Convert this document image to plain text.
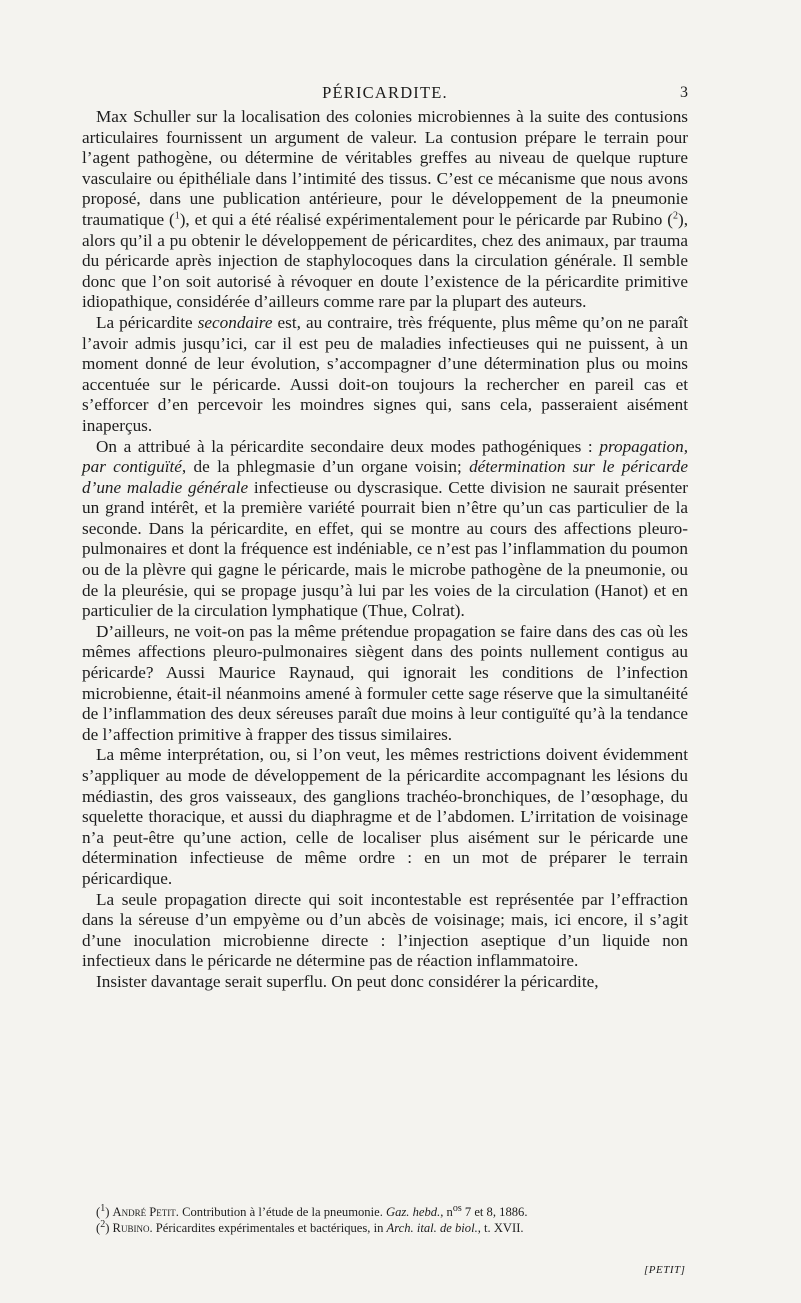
PÉRICARDITE.	3

Max Schuller sur la localisation des colonies microbiennes à la suite des contusions articulaires fournissent un argument de valeur. La contusion prépare le terrain pour l’agent pathogène, ou détermine de véritables greffes au niveau de quelque rupture vasculaire ou épithéliale dans l’intimité des tissus. C’est ce mécanisme que nous avons proposé, dans une publication antérieure, pour le développement de la pneumonie traumatique ($^1$), et qui a été réalisé expérimentalement pour le péricarde par Rubino ($^2$), alors qu’il a pu obtenir le développement de péricardites, chez des animaux, par trauma du péricarde après injection de staphylocoques dans la circulation générale. Il semble donc que l’on soit autorisé à révoquer en doute l’existence de la péricardite primitive idiopathique, considérée d’ailleurs comme rare par la plupart des auteurs.

La péricardite secondaire est, au contraire, très fréquente, plus même qu’on ne paraît l’avoir admis jusqu’ici, car il est peu de maladies infectieuses qui ne puissent, à un moment donné de leur évolution, s’accompagner d’une détermination plus ou moins accentuée sur le péricarde. Aussi doit-on toujours la rechercher en pareil cas et s’efforcer d’en percevoir les moindres signes qui, sans cela, passeraient aisément inaperçus.

On a attribué à la péricardite secondaire deux modes pathogéniques : propagation, par contiguïté, de la phlegmasie d’un organe voisin; détermination sur le péricarde d’une maladie générale infectieuse ou dyscrasique. Cette division ne saurait présenter un grand intérêt, et la première variété pourrait bien n’être qu’un cas particulier de la seconde. Dans la péricardite, en effet, qui se montre au cours des affections pleuro-pulmonaires et dont la fréquence est indéniable, ce n’est pas l’inflammation du poumon ou de la plèvre qui gagne le péricarde, mais le microbe pathogène de la pneumonie, ou de la pleurésie, qui se propage jusqu’à lui par les voies de la circulation (Hanot) et en particulier de la circulation lymphatique (Thue, Colrat).

D’ailleurs, ne voit-on pas la même prétendue propagation se faire dans des cas où les mêmes affections pleuro-pulmonaires siègent dans des points nullement contigus au péricarde? Aussi Maurice Raynaud, qui ignorait les conditions de l’infection microbienne, était-il néanmoins amené à formuler cette sage réserve que la simultanéité de l’inflammation des deux séreuses paraît due moins à leur contiguïté qu’à la tendance de l’affection primitive à frapper des tissus similaires.

La même interprétation, ou, si l’on veut, les mêmes restrictions doivent évidemment s’appliquer au mode de développement de la péricardite accompagnant les lésions du médiastin, des gros vaisseaux, des ganglions trachéo-bronchiques, de l’œsophage, du squelette thoracique, et aussi du diaphragme et de l’abdomen. L’irritation de voisinage n’a peut-être qu’une action, celle de localiser plus aisément sur le péricarde une détermination infectieuse de même ordre : en un mot de préparer le terrain péricardique.

La seule propagation directe qui soit incontestable est représentée par l’effraction dans la séreuse d’un empyème ou d’un abcès de voisinage; mais, ici encore, il s’agit d’une inoculation microbienne directe : l’injection aseptique d’un liquide non infectieux dans le péricarde ne détermine pas de réaction inflammatoire.

Insister davantage serait superflu. On peut donc considérer la péricardite,

($^1$) André Petit. Contribution à l’étude de la pneumonie. Gaz. hebd., $n^{os}$ 7 et 8, 1886.

($^2$) Rubino. Péricardites expérimentales et bactériques, in Arch. ital. de biol., t. XVII.

[PETIT]
